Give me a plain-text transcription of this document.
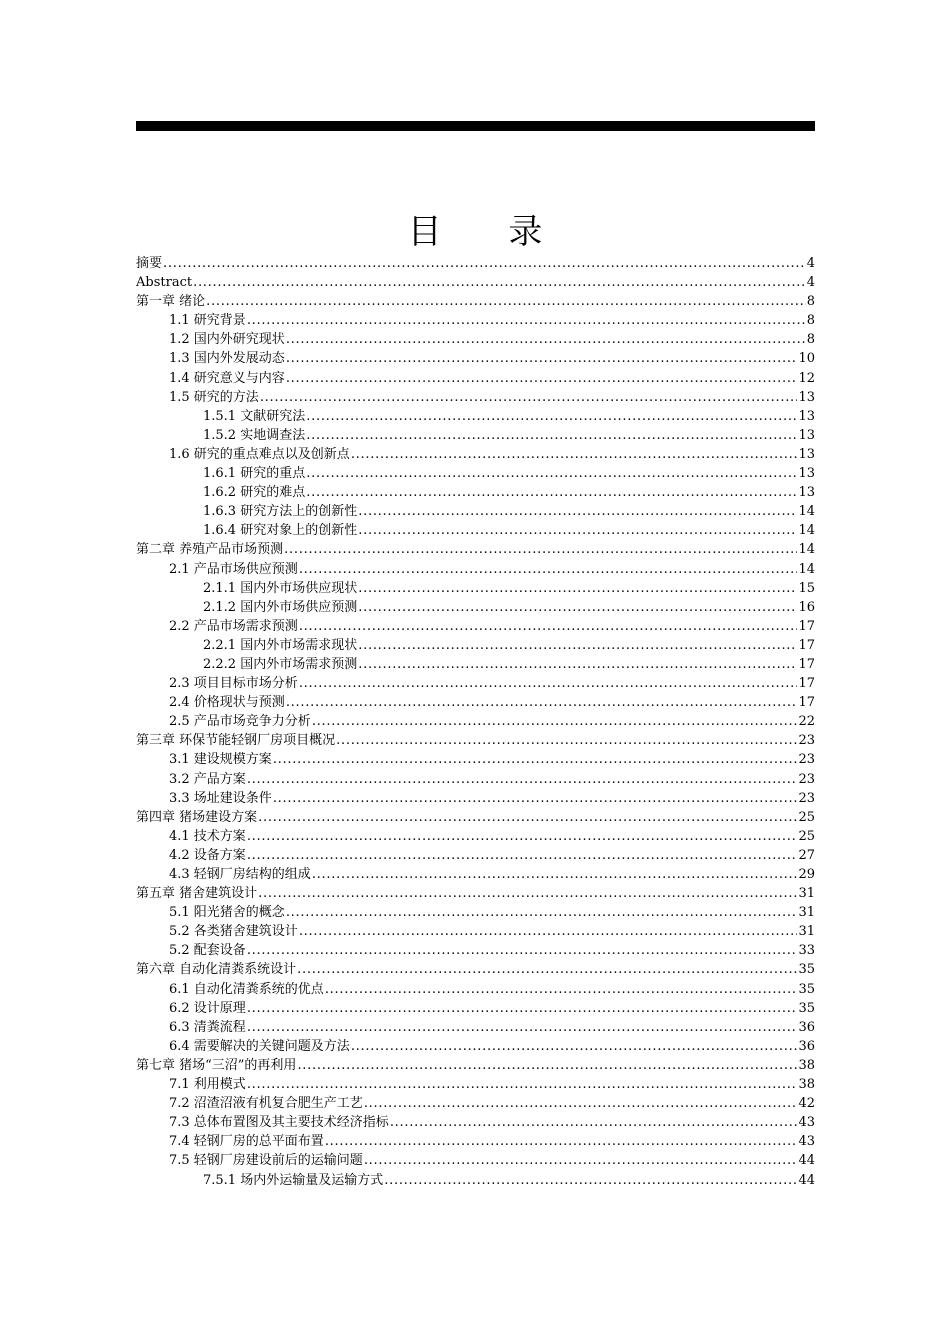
目 录
摘要 . . .	4
Abstract . . .	4
第一章 绪论 . . .	8
1.1 研究背景 . . .	8
1.2 国内外研究现状 . . .	8
1.3 国内外发展动态 . . .	10
1.4 研究意义与内容 . . .	12
1.5 研究的方法 . . .	13
1.5.1 文献研究法 . . .	13
1.5.2 实地调查法 . . .	13
1.6 研究的重点难点以及创新点 . . .	13
1.6.1 研究的重点 . . .	13
1.6.2 研究的难点 . . .	13
1.6.3 研究方法上的创新性 . . .	14
1.6.4 研究对象上的创新性 . . .	14
第二章 养殖产品市场预测 . . .	14
2.1 产品市场供应预测 . . .	14
2.1.1 国内外市场供应现状 . . .	15
2.1.2 国内外市场供应预测 . . .	16
2.2 产品市场需求预测 . . .	17
2.2.1 国内外市场需求现状 . . .	17
2.2.2 国内外市场需求预测 . . .	17
2.3 项目目标市场分析 . . .	17
2.4 价格现状与预测 . . .	17
2.5 产品市场竞争力分析 . . .	22
第三章 环保节能轻钢厂房项目概况 . . .	23
3.1 建设规模方案 . . .	23
3.2 产品方案 . . .	23
3.3 场址建设条件 . . .	23
第四章 猪场建设方案 . . .	25
4.1 技术方案 . . .	25
4.2 设备方案 . . .	27
4.3 轻钢厂房结构的组成 . . .	29
第五章 猪舍建筑设计 . . .	31
5.1 阳光猪舍的概念 . . .	31
5.2 各类猪舍建筑设计 . . .	31
5.2 配套设备 . . .	33
第六章 自动化清粪系统设计 . . .	35
6.1 自动化清粪系统的优点 . . .	35
6.2 设计原理 . . .	35
6.3 清粪流程 . . .	36
6.4 需要解决的关键问题及方法 . . .	36
第七章 猪场“三沼”的再利用 . . .	38
7.1 利用模式 . . .	38
7.2 沼渣沼液有机复合肥生产工艺 . . .	42
7.3 总体布置图及其主要技术经济指标 . . .	43
7.4 轻钢厂房的总平面布置 . . .	43
7.5 轻钢厂房建设前后的运输问题 . . .	44
7.5.1 场内外运输量及运输方式 . . .	44
